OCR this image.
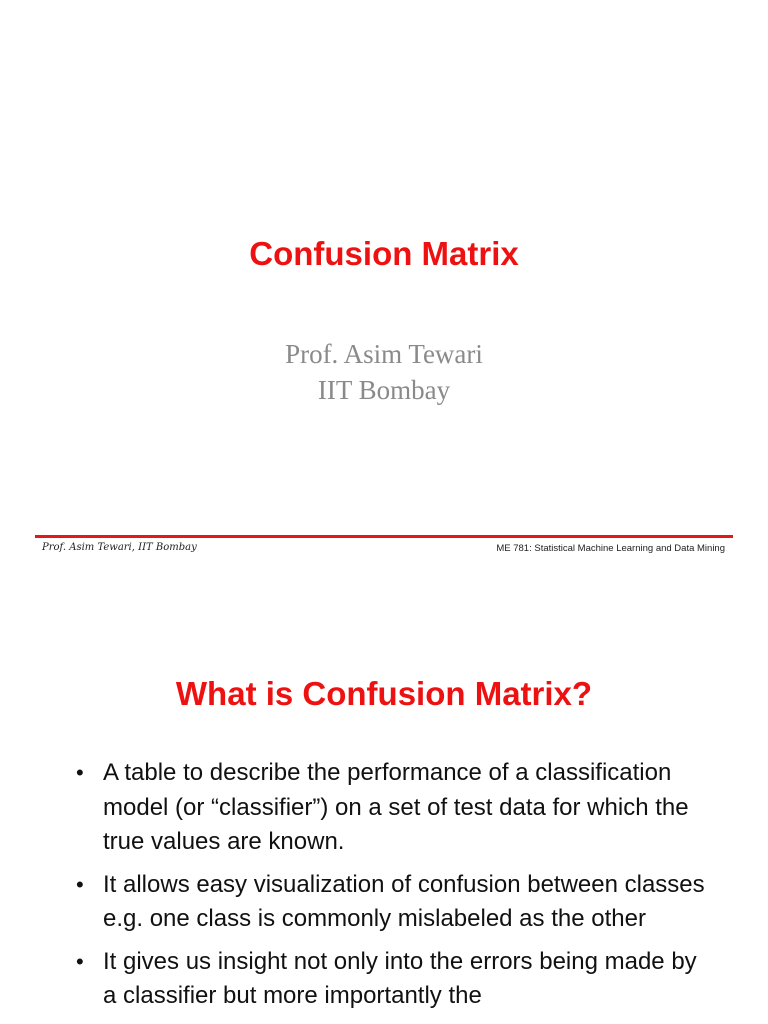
Confusion Matrix
Prof. Asim Tewari
IIT Bombay
Prof. Asim Tewari, IIT Bombay	ME 781: Statistical Machine Learning and Data Mining
What is Confusion Matrix?
• A table to describe the performance of a classification model (or “classifier”) on a set of test data for which the true values are known.
• It allows easy visualization of confusion between classes e.g. one class is commonly mislabeled as the other
• It gives us insight not only into the errors being made by a classifier but more importantly the
